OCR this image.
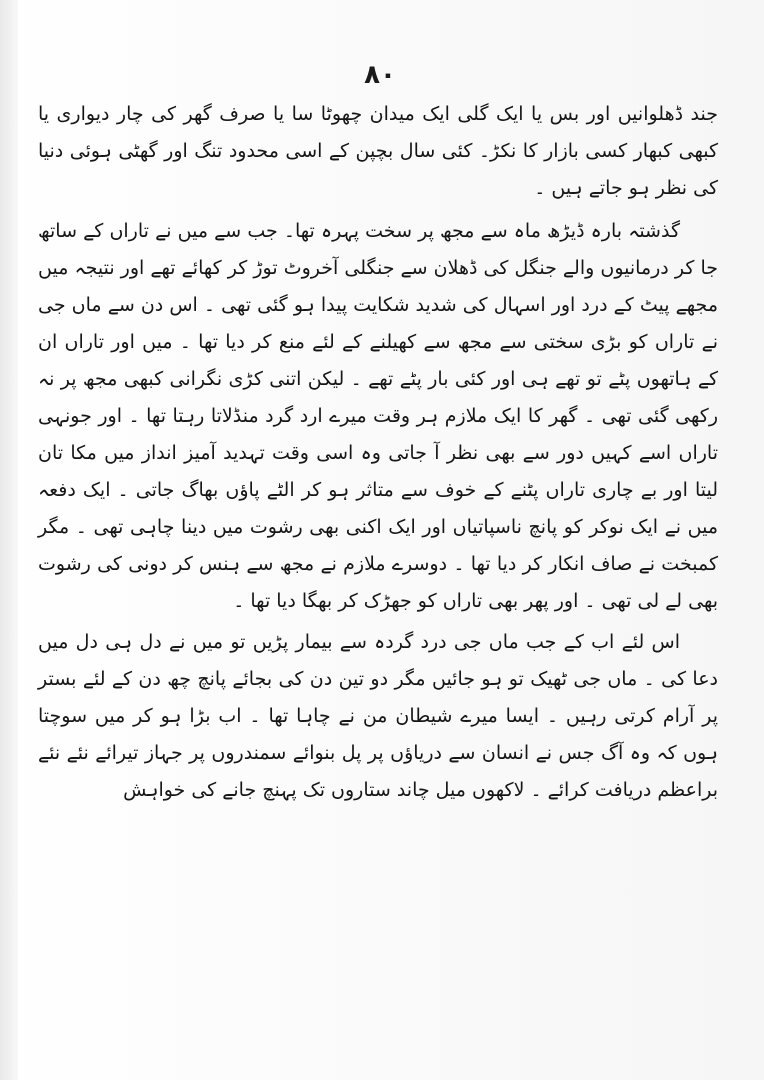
۸۰

جند ڈھلوانیں اور بس یا ایک گلی ایک میدان چھوٹا سا یا صرف گھر کی چار دیواری یا کبھی کبھار کسی بازار کا نکڑ۔ کئی سال بچپن کے اسی محدود تنگ اور گھٹی ہوئی دنیا کی نظر ہو جاتے ہیں ۔

گذشتہ بارہ ڈیڑھ ماہ سے مجھ پر سخت پہرہ تھا۔ جب سے میں نے تاراں کے ساتھ جا کر درمانیوں والے جنگل کی ڈھلان سے جنگلی آخروٹ توڑ کر کھائے تھے اور نتیجہ میں مجھے پیٹ کے درد اور اسہال کی شدید شکایت پیدا ہو گئی تھی ۔ اس دن سے ماں جی نے تاراں کو بڑی سختی سے مجھ سے کھیلنے کے لئے منع کر دیا تھا ۔ میں اور تاراں ان کے ہاتھوں پٹے تو تھے ہی اور کئی بار پٹے تھے ۔ لیکن اتنی کڑی نگرانی کبھی مجھ پر نہ رکھی گئی تھی ۔ گھر کا ایک ملازم ہر وقت میرے ارد گرد منڈلاتا رہتا تھا ۔ اور جونہی تاراں اسے کہیں دور سے بھی نظر آ جاتی وہ اسی وقت تہدید آمیز انداز میں مکا تان لیتا اور بے چاری تاراں پٹنے کے خوف سے متاثر ہو کر الٹے پاؤں بھاگ جاتی ۔ ایک دفعہ میں نے ایک نوکر کو پانچ ناسپاتیاں اور ایک اکنی بھی رشوت میں دینا چاہی تھی ۔ مگر کمبخت نے صاف انکار کر دیا تھا ۔ دوسرے ملازم نے مجھ سے ہنس کر دونی کی رشوت بھی لے لی تھی ۔ اور پھر بھی تاراں کو جھڑک کر بھگا دیا تھا ۔

اس لئے اب کے جب ماں جی درد گردہ سے بیمار پڑیں تو میں نے دل ہی دل میں دعا کی ۔ ماں جی ٹھیک تو ہو جائیں مگر دو تین دن کی بجائے پانچ چھ دن کے لئے بستر پر آرام کرتی رہیں ۔ ایسا میرے شیطان من نے چاہا تھا ۔ اب بڑا ہو کر میں سوچتا ہوں کہ وہ آگ جس نے انسان سے دریاؤں پر پل بنوائے سمندروں پر جہاز تیرائے نئے نئے براعظم دریافت کرائے ۔ لاکھوں میل چاند ستاروں تک پہنچ جانے کی خواہش
